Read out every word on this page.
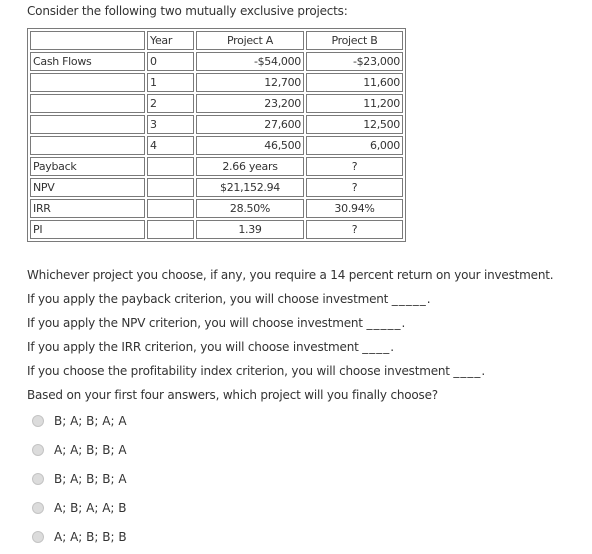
Consider the following two mutually exclusive projects:
	Year	Project A	Project B
Cash Flows	0	-$54,000	-$23,000
	1	12,700	11,600
	2	23,200	11,200
	3	27,600	12,500
	4	46,500	6,000
Payback		2.66 years	?
NPV		$21,152.94	?
IRR		28.50%	30.94%
PI		1.39	?
Whichever project you choose, if any, you require a 14 percent return on your investment.
If you apply the payback criterion, you will choose investment _____.
If you apply the NPV criterion, you will choose investment _____.
If you apply the IRR criterion, you will choose investment ____.
If you choose the profitability index criterion, you will choose investment ____.
Based on your first four answers, which project will you finally choose?
B; A; B; A; A
A; A; B; B; A
B; A; B; B; A
A; B; A; A; B
A; A; B; B; B
